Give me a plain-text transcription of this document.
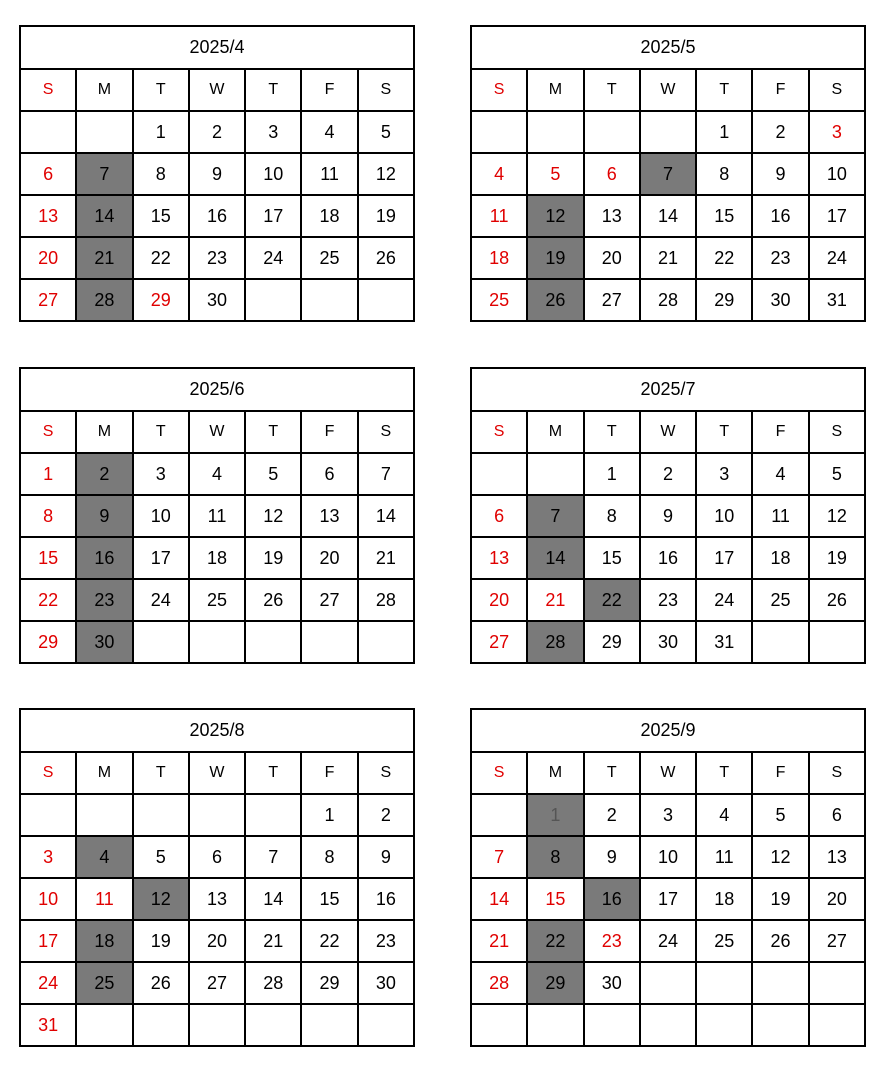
2025/4						
S	M	T	W	T	F	S
		1	2	3	4	5
6	7	8	9	10	11	12
13	14	15	16	17	18	19
20	21	22	23	24	25	26
27	28	29	30			
2025/5						
S	M	T	W	T	F	S
				1	2	3
4	5	6	7	8	9	10
11	12	13	14	15	16	17
18	19	20	21	22	23	24
25	26	27	28	29	30	31
2025/6						
S	M	T	W	T	F	S
1	2	3	4	5	6	7
8	9	10	11	12	13	14
15	16	17	18	19	20	21
22	23	24	25	26	27	28
29	30					
2025/7						
S	M	T	W	T	F	S
		1	2	3	4	5
6	7	8	9	10	11	12
13	14	15	16	17	18	19
20	21	22	23	24	25	26
27	28	29	30	31		
2025/8						
S	M	T	W	T	F	S
					1	2
3	4	5	6	7	8	9
10	11	12	13	14	15	16
17	18	19	20	21	22	23
24	25	26	27	28	29	30
31						
2025/9						
S	M	T	W	T	F	S
	1	2	3	4	5	6
7	8	9	10	11	12	13
14	15	16	17	18	19	20
21	22	23	24	25	26	27
28	29	30				
